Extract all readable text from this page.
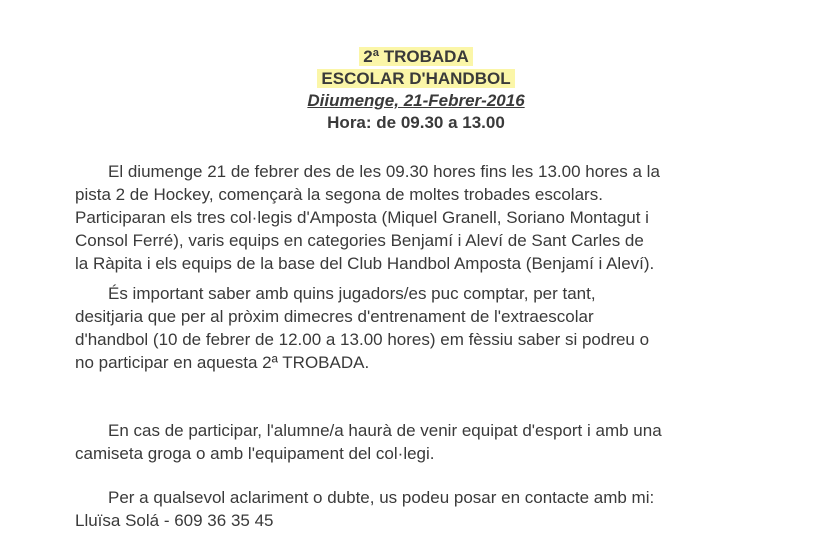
2ª TROBADA
ESCOLAR D'HANDBOL
Diiumenge, 21-Febrer-2016
Hora: de 09.30 a 13.00

El diumenge 21 de febrer des de les 09.30 hores fins les 13.00 hores a la
pista 2 de Hockey, començarà la segona de moltes trobades escolars.
Participaran els tres col·legis d'Amposta (Miquel Granell, Soriano Montagut i
Consol Ferré), varis equips en categories Benjamí i Aleví de Sant Carles de
la Ràpita i els equips de la base del Club Handbol Amposta (Benjamí i Aleví).

És important saber amb quins jugadors/es puc comptar, per tant,
desitjaria que per al pròxim dimecres d'entrenament de l'extraescolar
d'handbol (10 de febrer de 12.00 a 13.00 hores) em fèssiu saber si podreu o
no participar en aquesta 2ª TROBADA.

En cas de participar, l'alumne/a haurà de venir equipat d'esport i amb una
camiseta groga o amb l'equipament del col·legi.

Per a qualsevol aclariment o dubte, us podeu posar en contacte amb mi:
Lluïsa Solá - 609 36 35 45
